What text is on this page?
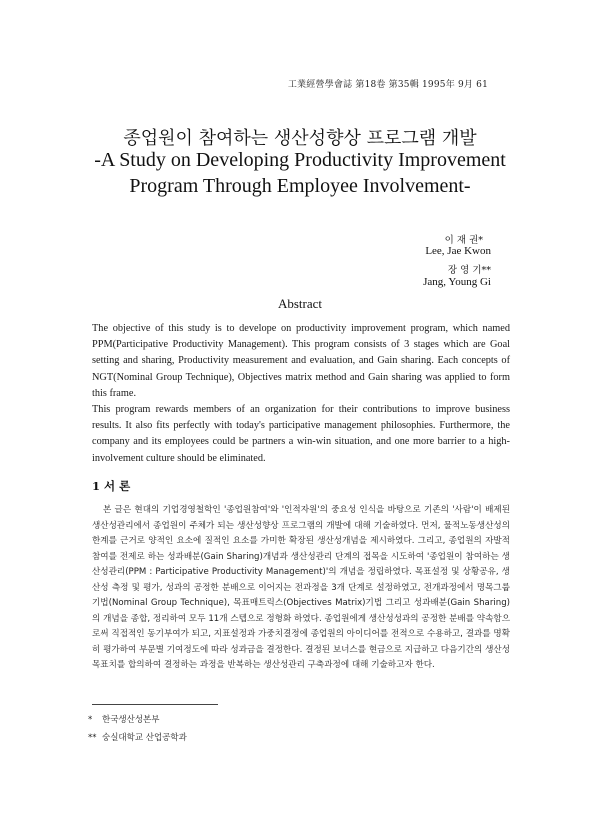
工業經營學會誌 第18卷 第35輯 1995年 9月 61
종업원이 참여하는 생산성향상 프로그램 개발
-A Study on Developing Productivity Improvement
Program Through Employee Involvement-
이 재 권*
Lee, Jae Kwon
장 영 기**
Jang, Young Gi
Abstract

The objective of this study is to develope on productivity improvement program, which named PPM(Participative Productivity Management). This program consists of 3 stages which are Goal setting and sharing, Productivity measurement and evaluation, and Gain sharing. Each concepts of NGT(Nominal Group Technique), Objectives matrix method and Gain sharing was applied to form this frame.

This program rewards members of an organization for their contributions to improve business results. It also fits perfectly with today's participative management philosophies. Furthermore, the company and its employees could be partners a win-win situation, and one more barrier to a high-involvement culture should be eliminated.

1 서 론

본 글은 현대의 기업경영철학인 '종업원참여'와 '인적자원'의 중요성 인식을 바탕으로 기존의 '사람'이 배제된 생산성관리에서 종업원이 주체가 되는 생산성향상 프로그램의 개발에 대해 기술하였다. 먼저, 물적노동생산성의 한계를 근거로 양적인 요소에 질적인 요소를 가미한 확장된 생산성개념을 제시하였다. 그리고, 종업원의 자발적 참여를 전제로 하는 성과배분(Gain Sharing)개념과 생산성관리 단계의 접목을 시도하여 '종업원이 참여하는 생산성관리(PPM : Participative Productivity Management)'의 개념을 정립하였다. 목표설정 및 상황공유, 생산성 측정 및 평가, 성과의 공정한 분배으로 이어지는 전과정을 3개 단계로 설정하였고, 전개과정에서 명목그룹기법(Nominal Group Technique), 목표매트릭스(Objectives Matrix)기법 그리고 성과배분(Gain Sharing)의 개념을 종합, 정리하여 모두 11개 스텝으로 정형화 하였다. 종업원에게 생산성성과의 공정한 분배를 약속함으로써 직접적인 동기부여가 되고, 지표설정과 가중치결정에 종업원의 아이디어를 전적으로 수용하고, 결과를 명확히 평가하여 부문별 기여정도에 따라 성과금을 결정한다. 결정된 보너스를 현금으로 지급하고 다음기간의 생산성목표치를 합의하여 결정하는 과정을 반복하는 생산성관리 구축과정에 대해 기술하고자 한다.

* 한국생산성본부
** 숭실대학교 산업공학과
